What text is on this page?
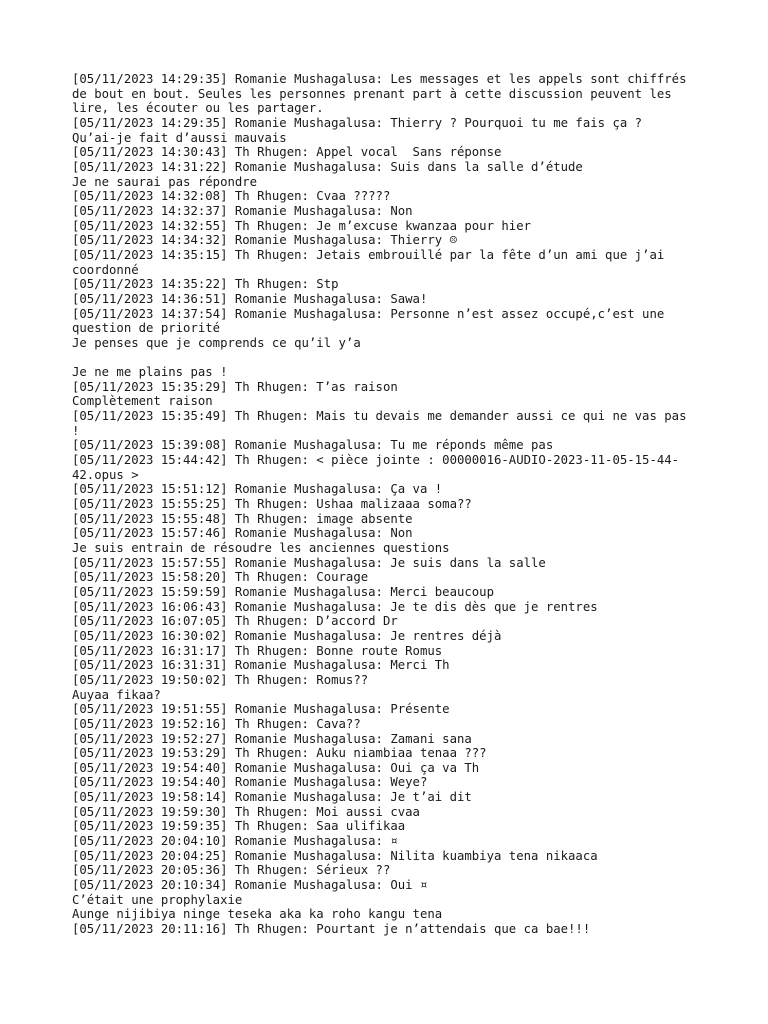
[05/11/2023 14:29:35] Romanie Mushagalusa: Les messages et les appels sont chiffrés
de bout en bout. Seules les personnes prenant part à cette discussion peuvent les
lire, les écouter ou les partager.
[05/11/2023 14:29:35] Romanie Mushagalusa: Thierry ? Pourquoi tu me fais ça ?
Qu’ai-je fait d’aussi mauvais
[05/11/2023 14:30:43] Th Rhugen: Appel vocal  Sans réponse
[05/11/2023 14:31:22] Romanie Mushagalusa: Suis dans la salle d’étude
Je ne saurai pas répondre
[05/11/2023 14:32:08] Th Rhugen: Cvaa ?????
[05/11/2023 14:32:37] Romanie Mushagalusa: Non
[05/11/2023 14:32:55] Th Rhugen: Je m’excuse kwanzaa pour hier
[05/11/2023 14:34:32] Romanie Mushagalusa: Thierry ☹
[05/11/2023 14:35:15] Th Rhugen: Jetais embrouillé par la fête d’un ami que j’ai
coordonné
[05/11/2023 14:35:22] Th Rhugen: Stp
[05/11/2023 14:36:51] Romanie Mushagalusa: Sawa!
[05/11/2023 14:37:54] Romanie Mushagalusa: Personne n’est assez occupé,c’est une
question de priorité
Je penses que je comprends ce qu’il y’a
Je ne me plains pas !
[05/11/2023 15:35:29] Th Rhugen: T’as raison
Complètement raison
[05/11/2023 15:35:49] Th Rhugen: Mais tu devais me demander aussi ce qui ne vas pas
!
[05/11/2023 15:39:08] Romanie Mushagalusa: Tu me réponds même pas
[05/11/2023 15:44:42] Th Rhugen: < pièce jointe : 00000016-AUDIO-2023-11-05-15-44-
42.opus >
[05/11/2023 15:51:12] Romanie Mushagalusa: Ça va !
[05/11/2023 15:55:25] Th Rhugen: Ushaa malizaaa soma??
[05/11/2023 15:55:48] Th Rhugen: image absente
[05/11/2023 15:57:46] Romanie Mushagalusa: Non
Je suis entrain de résoudre les anciennes questions
[05/11/2023 15:57:55] Romanie Mushagalusa: Je suis dans la salle
[05/11/2023 15:58:20] Th Rhugen: Courage
[05/11/2023 15:59:59] Romanie Mushagalusa: Merci beaucoup
[05/11/2023 16:06:43] Romanie Mushagalusa: Je te dis dès que je rentres
[05/11/2023 16:07:05] Th Rhugen: D’accord Dr
[05/11/2023 16:30:02] Romanie Mushagalusa: Je rentres déjà
[05/11/2023 16:31:17] Th Rhugen: Bonne route Romus
[05/11/2023 16:31:31] Romanie Mushagalusa: Merci Th
[05/11/2023 19:50:02] Th Rhugen: Romus??
Auyaa fikaa?
[05/11/2023 19:51:55] Romanie Mushagalusa: Présente
[05/11/2023 19:52:16] Th Rhugen: Cava??
[05/11/2023 19:52:27] Romanie Mushagalusa: Zamani sana
[05/11/2023 19:53:29] Th Rhugen: Auku niambiaa tenaa ???
[05/11/2023 19:54:40] Romanie Mushagalusa: Oui ça va Th
[05/11/2023 19:54:40] Romanie Mushagalusa: Weye?
[05/11/2023 19:58:14] Romanie Mushagalusa: Je t’ai dit
[05/11/2023 19:59:30] Th Rhugen: Moi aussi cvaa
[05/11/2023 19:59:35] Th Rhugen: Saa ulifikaa
[05/11/2023 20:04:10] Romanie Mushagalusa: ¤
[05/11/2023 20:04:25] Romanie Mushagalusa: Nilita kuambiya tena nikaaca
[05/11/2023 20:05:36] Th Rhugen: Sérieux ??
[05/11/2023 20:10:34] Romanie Mushagalusa: Oui ¤
C’était une prophylaxie
Aunge nijibiya ninge teseka aka ka roho kangu tena
[05/11/2023 20:11:16] Th Rhugen: Pourtant je n’attendais que ca bae!!!
